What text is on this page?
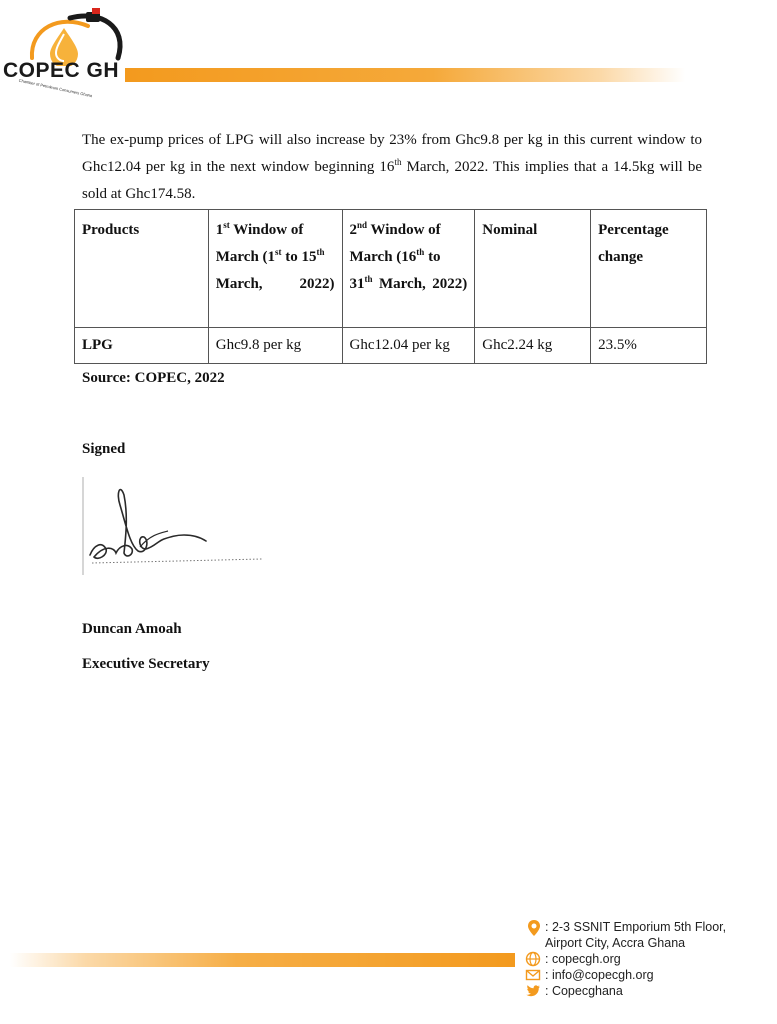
COPEC GH
Chamber of Petroleum Consumers Ghana

The ex-pump prices of LPG will also increase by 23% from Ghc9.8 per kg in this current window to Ghc12.04 per kg in the next window beginning 16th March, 2022. This implies that a 14.5kg will be sold at Ghc174.58.

Products	1st Window of March (1st to 15th March, 2022)	2nd Window of March (16th to 31th March, 2022)	Nominal	Percentage change
LPG	Ghc9.8 per kg	Ghc12.04 per kg	Ghc2.24 kg	23.5%
Source: COPEC, 2022
Signed
Duncan Amoah
Executive Secretary
: 2-3 SSNIT Emporium 5th Floor,
Airport City, Accra Ghana
: copecgh.org
: info@copecgh.org
: Copecghana
